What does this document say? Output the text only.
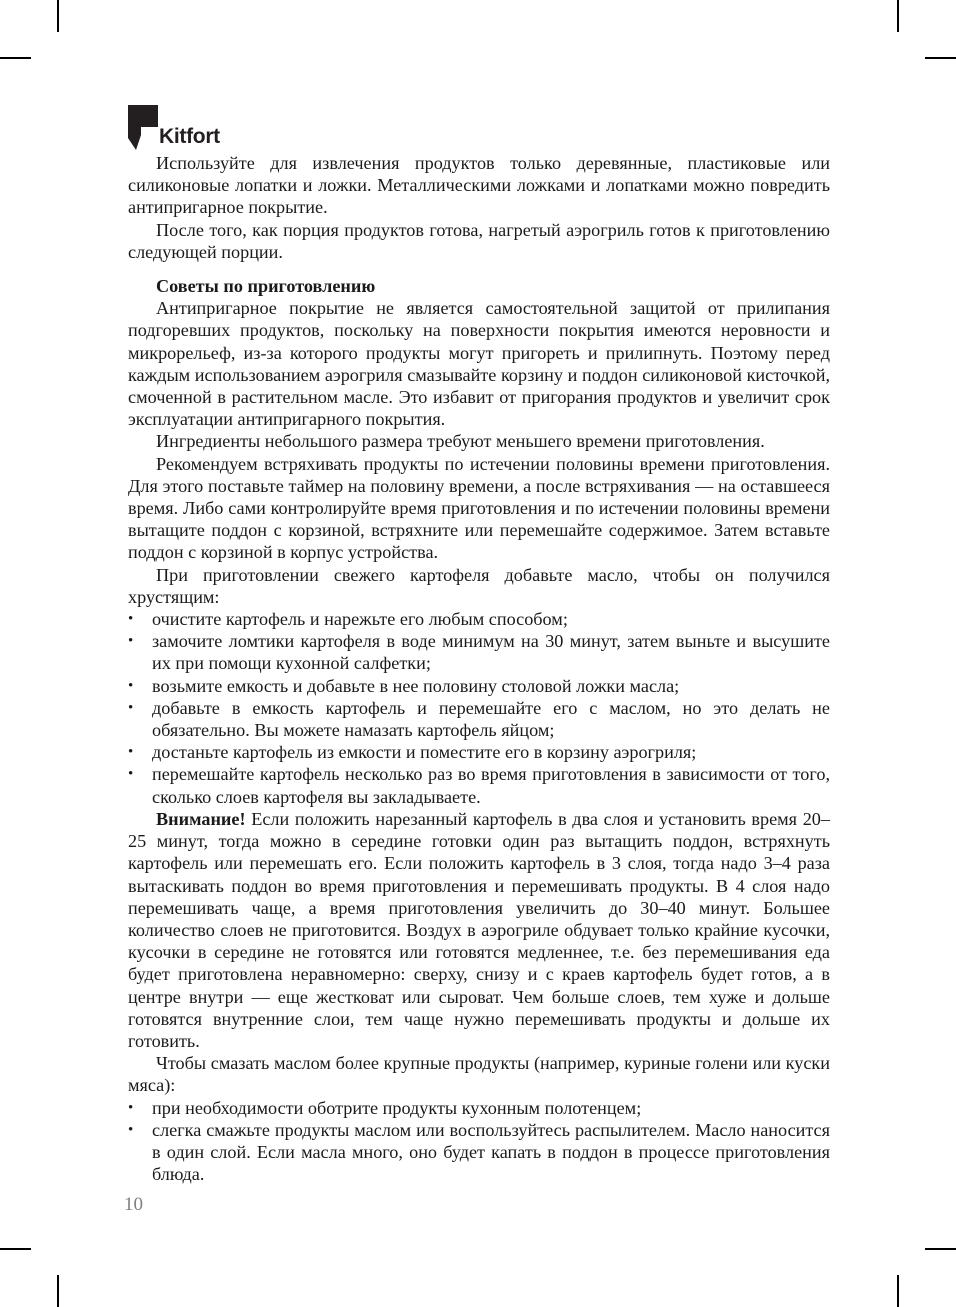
Kitfort

Используйте для извлечения продуктов только деревянные, пластиковые или силиконовые лопатки и ложки. Металлическими ложками и лопатками можно повредить антипригарное покрытие.

После того, как порция продуктов готова, нагретый аэрогриль готов к приготовлению следующей порции.

Советы по приготовлению

Антипригарное покрытие не является самостоятельной защитой от прилипания подгоревших продуктов, поскольку на поверхности покрытия имеются неровности и микрорельеф, из-за которого продукты могут пригореть и прилипнуть. Поэтому перед каждым использованием аэрогриля смазывайте корзину и поддон силиконовой кисточкой, смоченной в растительном масле. Это избавит от пригорания продуктов и увеличит срок эксплуатации антипригарного покрытия.

Ингредиенты небольшого размера требуют меньшего времени приготовления.

Рекомендуем встряхивать продукты по истечении половины времени приготовления. Для этого поставьте таймер на половину времени, а после встряхивания — на оставшееся время. Либо сами контролируйте время приготовления и по истечении половины времени вытащите поддон с корзиной, встряхните или перемешайте содержимое. Затем вставьте поддон с корзиной в корпус устройства.

При приготовлении свежего картофеля добавьте масло, чтобы он получился хрустящим:

• очистите картофель и нарежьте его любым способом;
• замочите ломтики картофеля в воде минимум на 30 минут, затем выньте и высушите их при помощи кухонной салфетки;
• возьмите емкость и добавьте в нее половину столовой ложки масла;
• добавьте в емкость картофель и перемешайте его с маслом, но это делать не обязательно. Вы можете намазать картофель яйцом;
• достаньте картофель из емкости и поместите его в корзину аэрогриля;
• перемешайте картофель несколько раз во время приготовления в зависимости от того, сколько слоев картофеля вы закладываете.

Внимание! Если положить нарезанный картофель в два слоя и установить время 20–25 минут, тогда можно в середине готовки один раз вытащить поддон, встряхнуть картофель или перемешать его. Если положить картофель в 3 слоя, тогда надо 3–4 раза вытаскивать поддон во время приготовления и перемешивать продукты. В 4 слоя надо перемешивать чаще, а время приготовления увеличить до 30–40 минут. Большее количество слоев не приготовится. Воздух в аэрогриле обдувает только крайние кусочки, кусочки в середине не готовятся или готовятся медленнее, т.е. без перемешивания еда будет приготовлена неравномерно: сверху, снизу и с краев картофель будет готов, а в центре внутри — еще жестковат или сыроват. Чем больше слоев, тем хуже и дольше готовятся внутренние слои, тем чаще нужно перемешивать продукты и дольше их готовить.

Чтобы смазать маслом более крупные продукты (например, куриные голени или куски мяса):

• при необходимости оботрите продукты кухонным полотенцем;
• слегка смажьте продукты маслом или воспользуйтесь распылителем. Масло наносится в один слой. Если масла много, оно будет капать в поддон в процессе приготовления блюда.
10
